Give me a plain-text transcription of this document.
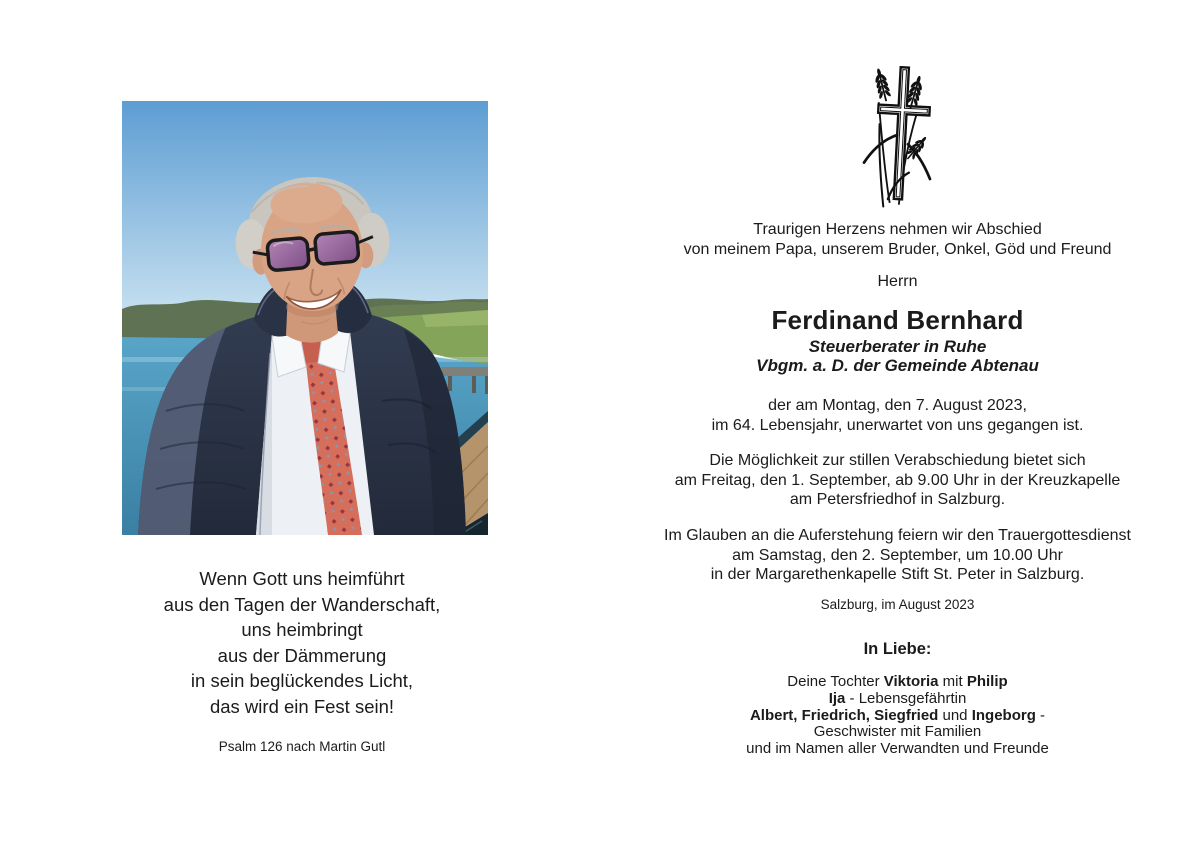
Wenn Gott uns heimführt
aus den Tagen der Wanderschaft,
uns heimbringt
aus der Dämmerung
in sein beglückendes Licht,
das wird ein Fest sein!
Psalm 126 nach Martin Gutl
Traurigen Herzens nehmen wir Abschied
von meinem Papa, unserem Bruder, Onkel, Göd und Freund
Herrn
Ferdinand Bernhard
Steuerberater in Ruhe
Vbgm. a. D. der Gemeinde Abtenau
der am Montag, den 7. August 2023,
im 64. Lebensjahr, unerwartet von uns gegangen ist.
Die Möglichkeit zur stillen Verabschiedung bietet sich
am Freitag, den 1. September, ab 9.00 Uhr in der Kreuzkapelle
am Petersfriedhof in Salzburg.
Im Glauben an die Auferstehung feiern wir den Trauergottesdienst
am Samstag, den 2. September, um 10.00 Uhr
in der Margarethenkapelle Stift St. Peter in Salzburg.
Salzburg, im August 2023
In Liebe:
Deine Tochter Viktoria mit Philip
Ija - Lebensgefährtin
Albert, Friedrich, Siegfried und Ingeborg -
Geschwister mit Familien
und im Namen aller Verwandten und Freunde
